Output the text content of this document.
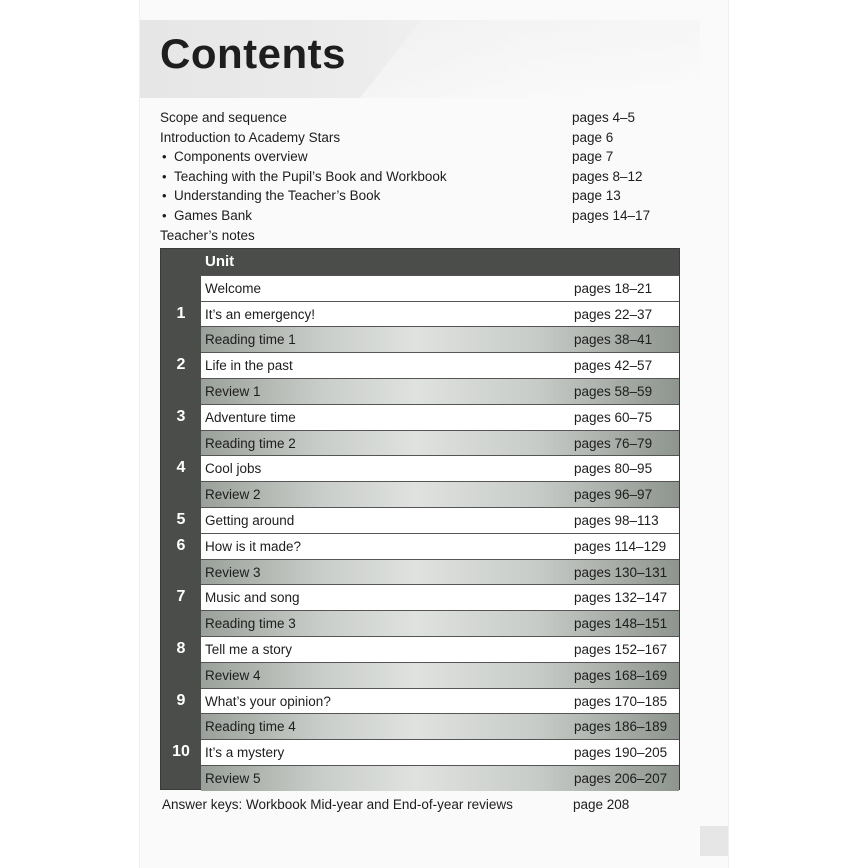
Contents
Scope and sequence	pages 4–5
Introduction to Academy Stars	page 6
• Components overview	page 7
• Teaching with the Pupil’s Book and Workbook	pages 8–12
• Understanding the Teacher’s Book	page 13
• Games Bank	pages 14–17
Teacher’s notes
Unit
Welcome	pages 18–21
1	It’s an emergency!	pages 22–37
Reading time 1	pages 38–41
2	Life in the past	pages 42–57
Review 1	pages 58–59
3	Adventure time	pages 60–75
Reading time 2	pages 76–79
4	Cool jobs	pages 80–95
Review 2	pages 96–97
5	Getting around	pages 98–113
6	How is it made?	pages 114–129
Review 3	pages 130–131
7	Music and song	pages 132–147
Reading time 3	pages 148–151
8	Tell me a story	pages 152–167
Review 4	pages 168–169
9	What’s your opinion?	pages 170–185
Reading time 4	pages 186–189
10	It’s a mystery	pages 190–205
Review 5	pages 206–207
Answer keys: Workbook Mid-year and End-of-year reviews	page 208
